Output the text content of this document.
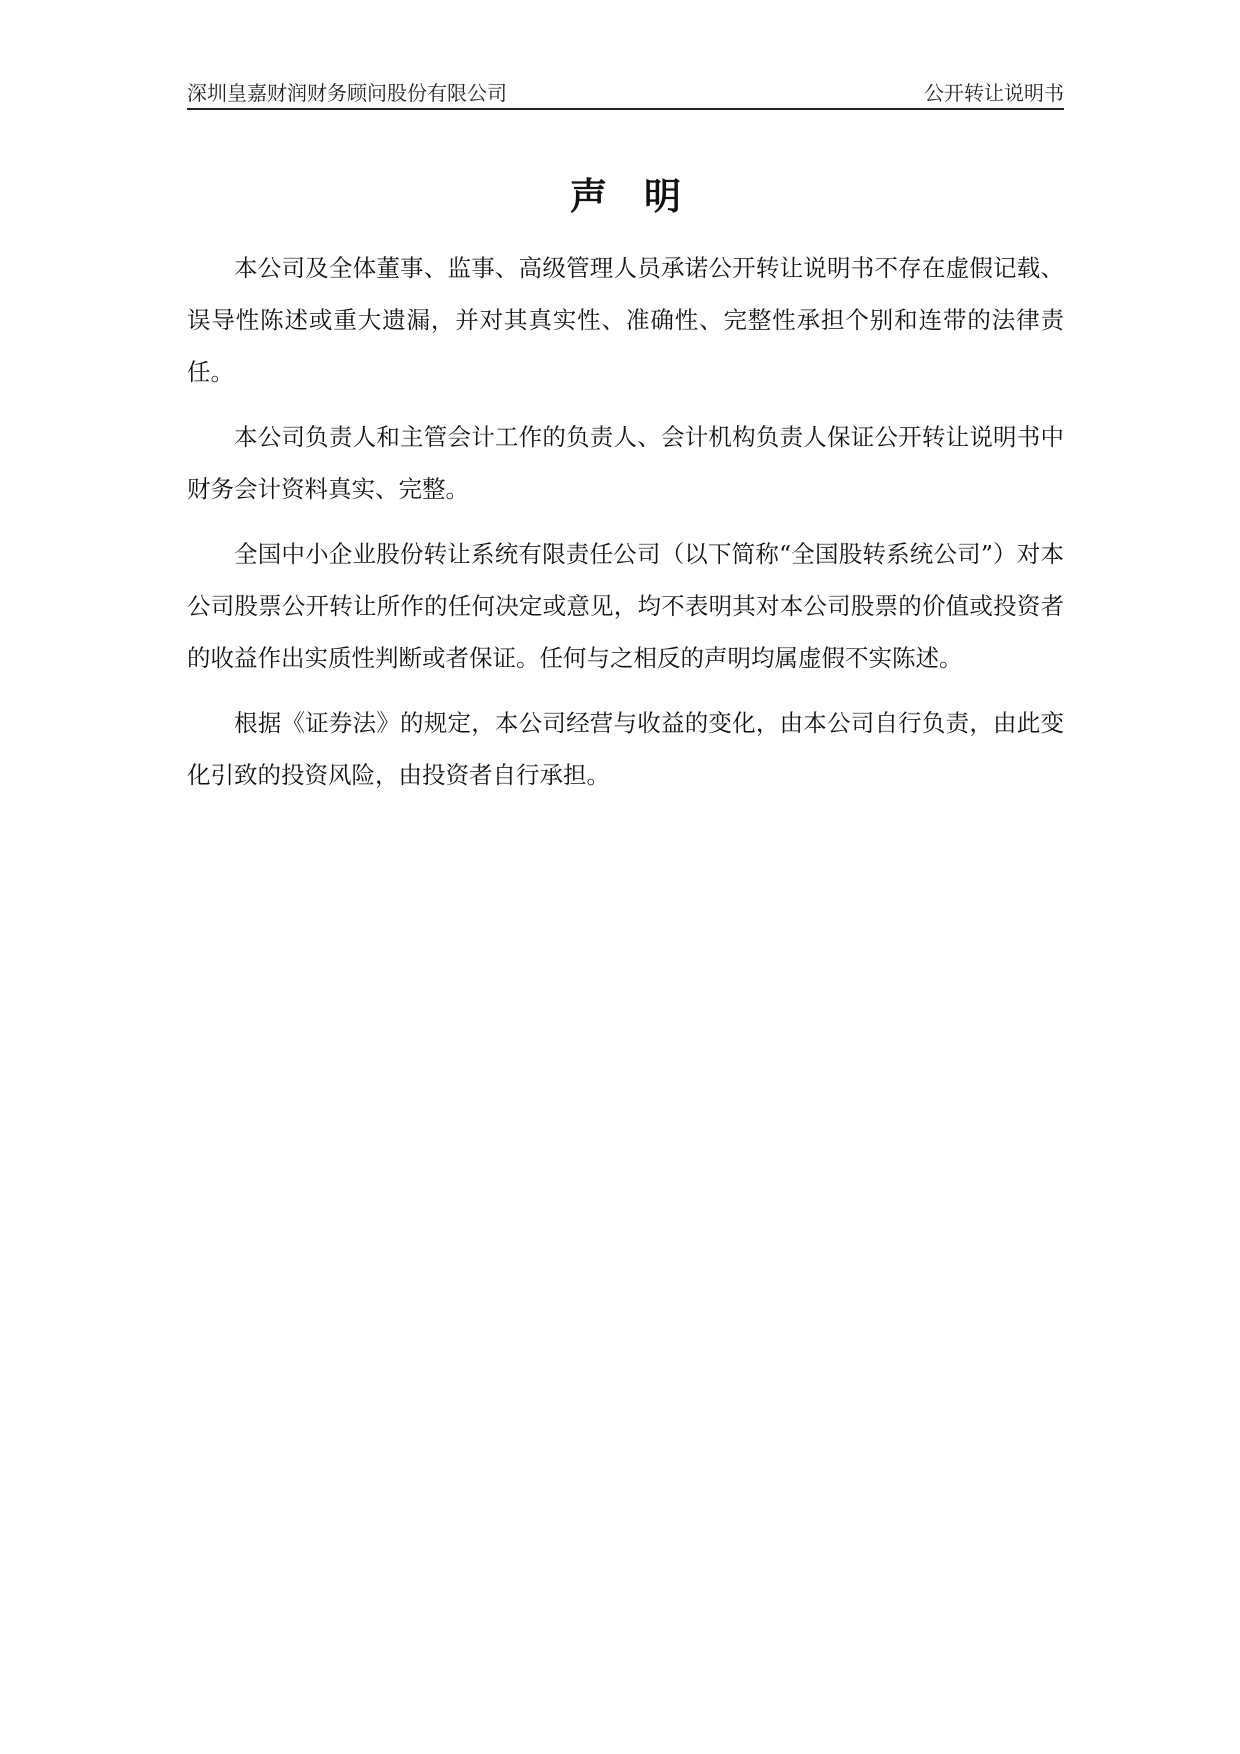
深圳皇嘉财润财务顾问股份有限公司	公开转让说明书
声　明

本公司及全体董事、监事、高级管理人员承诺公开转让说明书不存在虚假记载、误导性陈述或重大遗漏，并对其真实性、准确性、完整性承担个别和连带的法律责任。

本公司负责人和主管会计工作的负责人、会计机构负责人保证公开转让说明书中财务会计资料真实、完整。

全国中小企业股份转让系统有限责任公司（以下简称“全国股转系统公司”）对本公司股票公开转让所作的任何决定或意见，均不表明其对本公司股票的价值或投资者的收益作出实质性判断或者保证。任何与之相反的声明均属虚假不实陈述。

根据《证券法》的规定，本公司经营与收益的变化，由本公司自行负责，由此变化引致的投资风险，由投资者自行承担。
